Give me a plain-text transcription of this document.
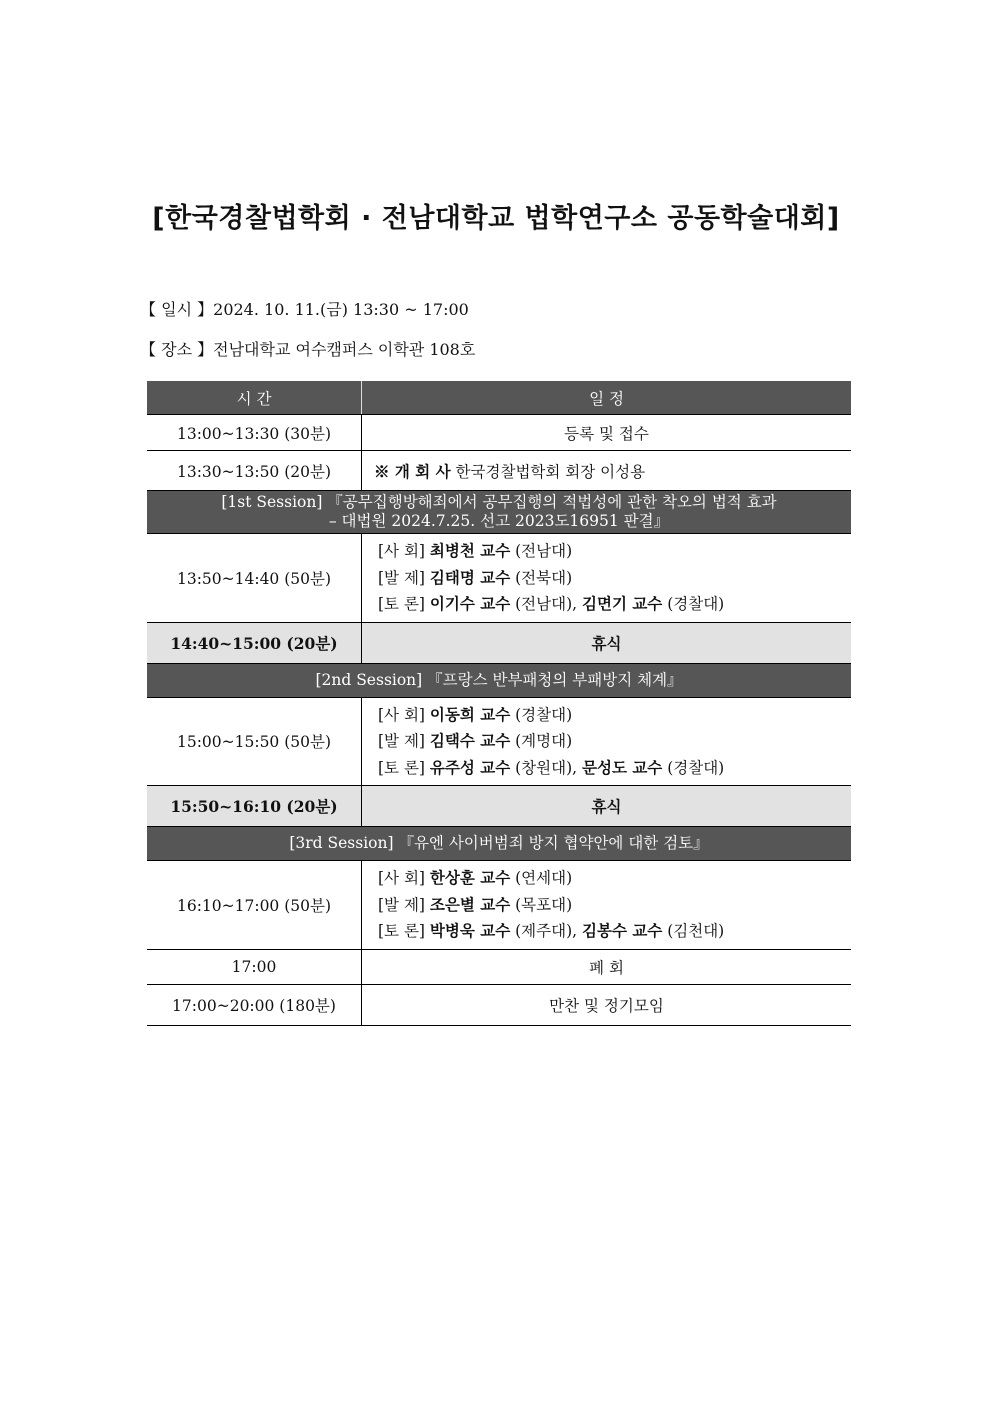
[한국경찰법학회 · 전남대학교 법학연구소 공동학술대회]
【 일시 】2024. 10. 11.(금) 13:30 ~ 17:00
【 장소 】전남대학교 여수캠퍼스 이학관 108호
시 간	일 정
13:00~13:30 (30분)	등록 및 접수
13:30~13:50 (20분)	※ 개 회 사 한국경찰법학회 회장 이성용

[1st Session] 『공무집행방해죄에서 공무집행의 적법성에 관한 착오의 법적 효과
– 대법원 2024.7.25. 선고 2023도16951 판결』	

13:50~14:40 (50분)	[사 회] 최병천 교수 (전남대)
[발 제] 김태명 교수 (전북대)
[토 론] 이기수 교수 (전남대), 김면기 교수 (경찰대)

14:40~15:00 (20분)	휴식
[2nd Session] 『프랑스 반부패청의 부패방지 체계』	
15:00~15:50 (50분)	[사 회] 이동희 교수 (경찰대)
[발 제] 김택수 교수 (계명대)
[토 론] 유주성 교수 (창원대), 문성도 교수 (경찰대)

15:50~16:10 (20분)	휴식
[3rd Session] 『유엔 사이버범죄 방지 협약안에 대한 검토』	
16:10~17:00 (50분)	[사 회] 한상훈 교수 (연세대)
[발 제] 조은별 교수 (목포대)
[토 론] 박병욱 교수 (제주대), 김봉수 교수 (김천대)

17:00	폐 회
17:00~20:00 (180분)	만찬 및 정기모임
